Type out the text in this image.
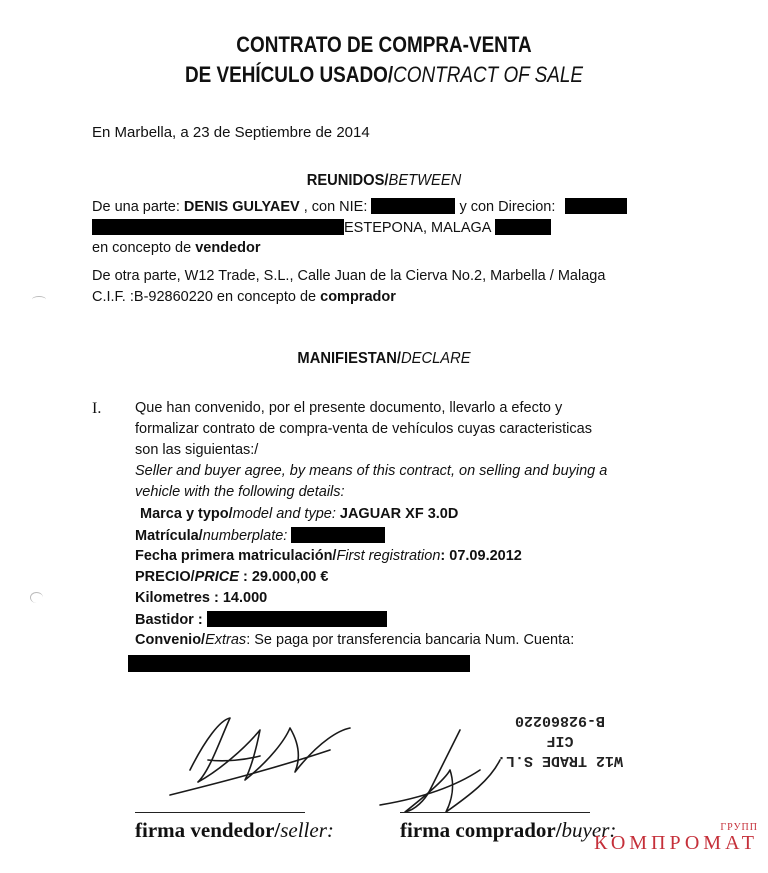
CONTRATO DE COMPRA-VENTA
DE VEHÍCULO USADO/CONTRACT OF SALE
En Marbella, a 23 de Septiembre de 2014
REUNIDOS/BETWEEN
De una parte: DENIS GULYAEV , con NIE:	y con Direcion:
ESTEPONA, MALAGA
en concepto de vendedor
De otra parte, W12 Trade, S.L., Calle Juan de la Cierva No.2, Marbella / Malaga
C.I.F. :B-92860220 en concepto de comprador
MANIFIESTAN/DECLARE
I. Que han convenido, por el presente documento, llevarlo a efecto y
formalizar contrato de compra-venta de vehículos cuyas caracteristicas
son las siguientas:/
Seller and buyer agree, by means of this contract, on selling and buying a
vehicle with the following details:
Marca y typo/model and type: JAGUAR XF 3.0D
Matrícula/numberplate:
Fecha primera matriculación/First registration: 07.09.2012
PRECIO/PRICE : 29.000,00 €
Kilometres : 14.000
Bastidor :
Convenio/Extras: Se paga por transferencia bancaria Num. Cuenta:
W12 TRADE S.L.
CIF
B-92860220
firma vendedor/seller:	firma comprador/buyer:	ГРУПП
КОМПРОМАТ
